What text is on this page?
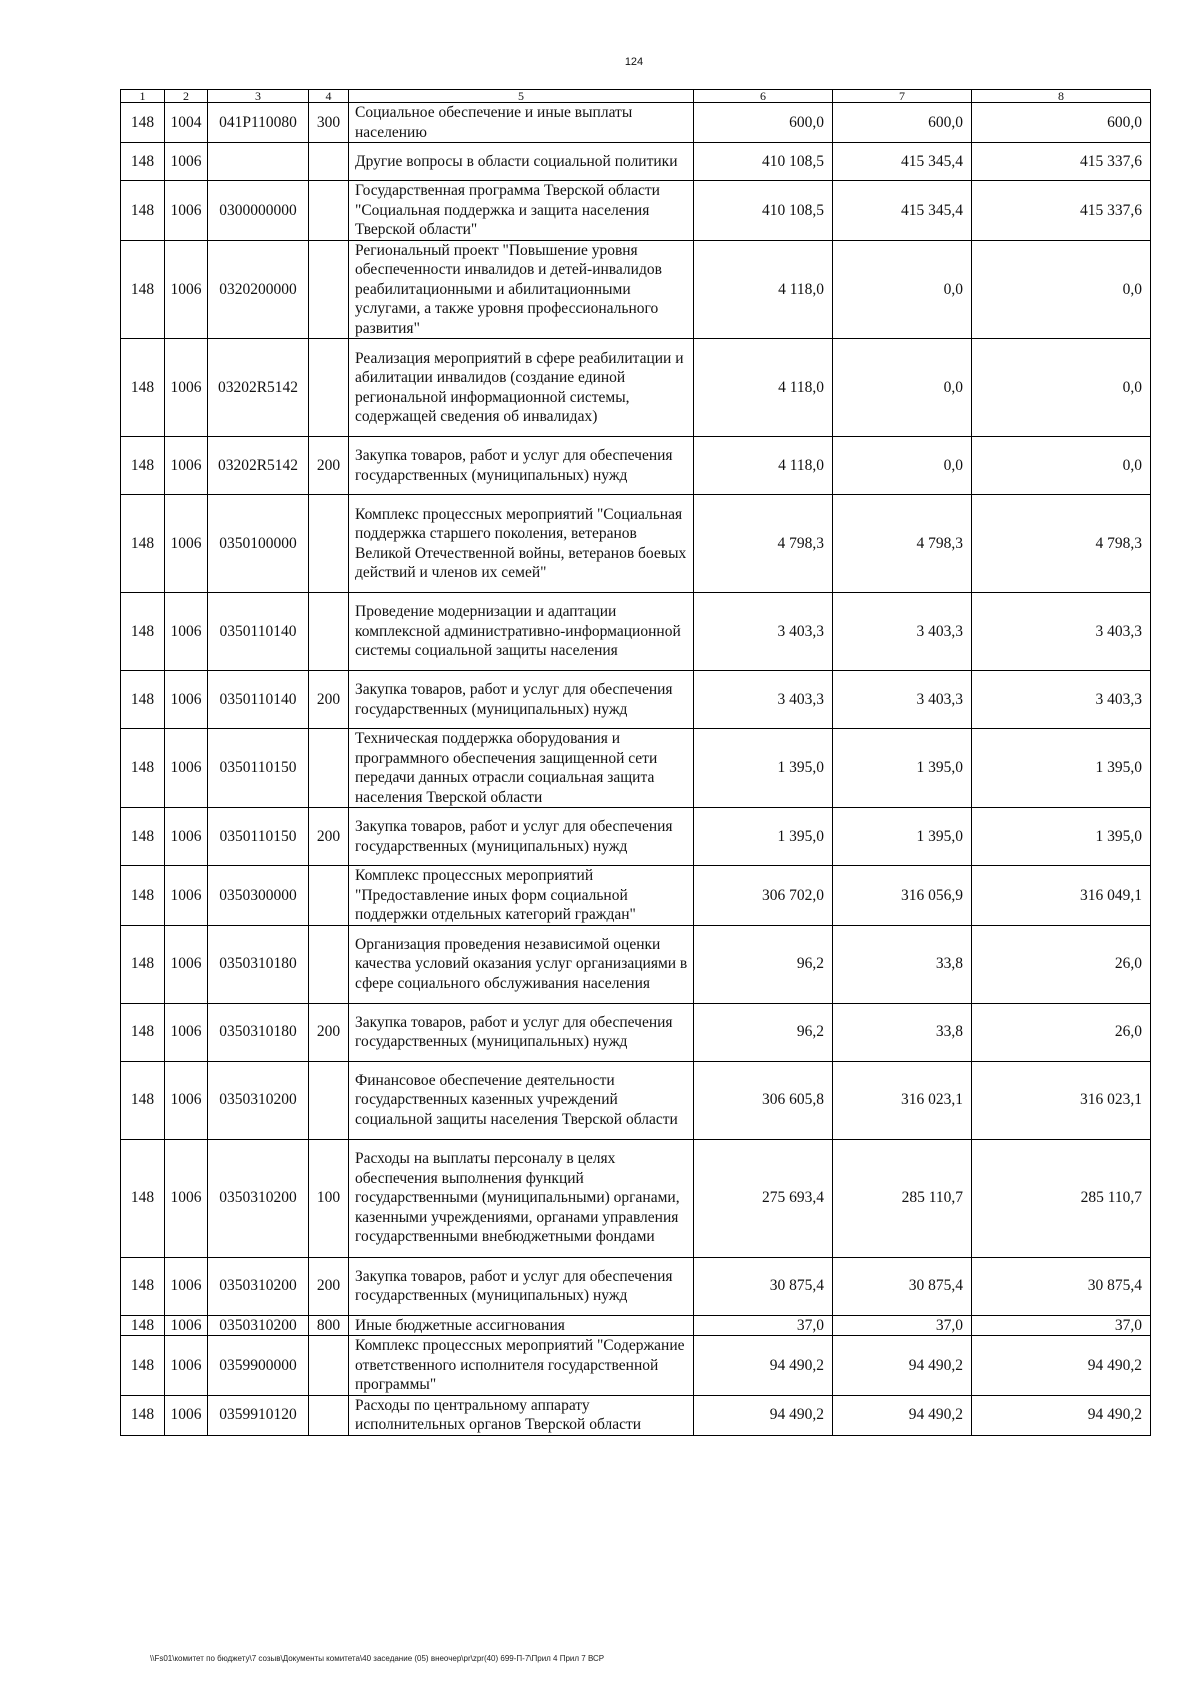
124
1	2	3	4	5	6	7	8
148	1004	041P110080	300	Социальное обеспечение и иные выплаты населению	600,0	600,0	600,0
148	1006			Другие вопросы в области социальной политики	410 108,5	415 345,4	415 337,6
148	1006	0300000000		Государственная программа Тверской области "Социальная поддержка и защита населения Тверской области"	410 108,5	415 345,4	415 337,6
148	1006	0320200000		Региональный проект "Повышение уровня обеспеченности инвалидов и детей-инвалидов реабилитационными и абилитационными услугами, а также уровня профессионального развития"	4 118,0	0,0	0,0
148	1006	03202R5142		Реализация мероприятий в сфере реабилитации и абилитации инвалидов (создание единой региональной информационной системы, содержащей сведения об инвалидах)	4 118,0	0,0	0,0
148	1006	03202R5142	200	Закупка товаров, работ и услуг для обеспечения государственных (муниципальных) нужд	4 118,0	0,0	0,0
148	1006	0350100000		Комплекс процессных мероприятий "Социальная поддержка старшего поколения, ветеранов Великой Отечественной войны, ветеранов боевых действий и членов их семей"	4 798,3	4 798,3	4 798,3
148	1006	0350110140		Проведение модернизации и адаптации комплексной административно-информационной системы социальной защиты населения	3 403,3	3 403,3	3 403,3
148	1006	0350110140	200	Закупка товаров, работ и услуг для обеспечения государственных (муниципальных) нужд	3 403,3	3 403,3	3 403,3
148	1006	0350110150		Техническая поддержка оборудования и программного обеспечения защищенной сети передачи данных отрасли социальная защита населения Тверской области	1 395,0	1 395,0	1 395,0
148	1006	0350110150	200	Закупка товаров, работ и услуг для обеспечения государственных (муниципальных) нужд	1 395,0	1 395,0	1 395,0
148	1006	0350300000		Комплекс процессных мероприятий "Предоставление иных форм социальной поддержки отдельных категорий граждан"	306 702,0	316 056,9	316 049,1
148	1006	0350310180		Организация проведения независимой оценки качества условий оказания услуг организациями в сфере социального обслуживания населения	96,2	33,8	26,0
148	1006	0350310180	200	Закупка товаров, работ и услуг для обеспечения государственных (муниципальных) нужд	96,2	33,8	26,0
148	1006	0350310200		Финансовое обеспечение деятельности государственных казенных учреждений социальной защиты населения Тверской области	306 605,8	316 023,1	316 023,1
148	1006	0350310200	100	Расходы на выплаты персоналу в целях обеспечения выполнения функций государственными (муниципальными) органами, казенными учреждениями, органами управления государственными внебюджетными фондами	275 693,4	285 110,7	285 110,7
148	1006	0350310200	200	Закупка товаров, работ и услуг для обеспечения государственных (муниципальных) нужд	30 875,4	30 875,4	30 875,4
148	1006	0350310200	800	Иные бюджетные ассигнования	37,0	37,0	37,0
148	1006	0359900000		Комплекс процессных мероприятий "Содержание ответственного исполнителя государственной программы"	94 490,2	94 490,2	94 490,2
148	1006	0359910120		Расходы по центральному аппарату исполнительных органов Тверской области	94 490,2	94 490,2	94 490,2
\\Fs01\комитет по бюджету\7 созыв\Документы комитета\40 заседание (05) внеочер\pr\zpr(40) 699-П-7\Прил 4 Прил 7 ВСР
